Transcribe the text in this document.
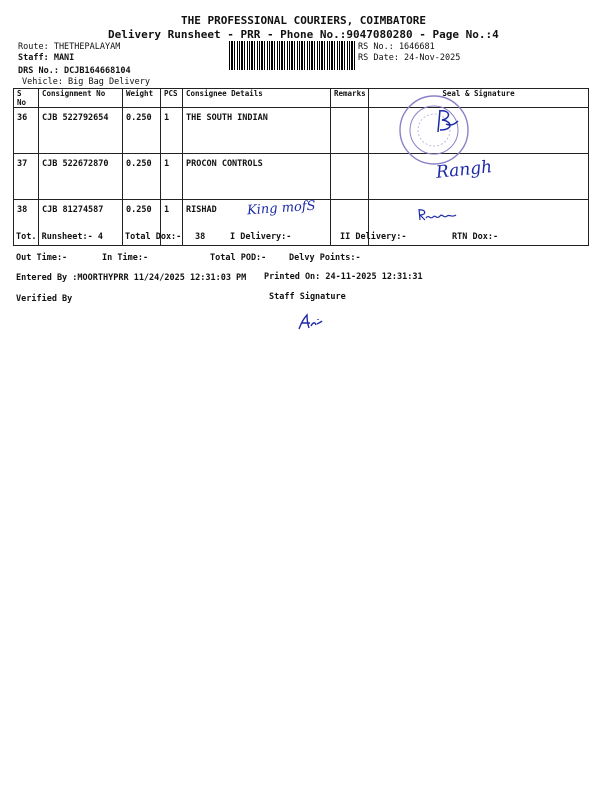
THE PROFESSIONAL COURIERS, COIMBATORE
Delivery Runsheet - PRR - Phone No.:9047080280 - Page No.:4
Route: THETHEPALAYAM
Staff: MANI
DRS No.: DCJB164668104
Vehicle: Big Bag Delivery
RS No.: 1646681
RS Date: 24-Nov-2025
S No	Consignment No	Weight	PCS	Consignee Details	Remarks	Seal & Signature
36	CJB 522792654	0.250	1	THE SOUTH INDIAN		
37	CJB 522672870	0.250	1	PROCON CONTROLS		
38	CJB 81274587	0.250	1	RISHAD		
Rangh
King mofS
Tot. Runsheet:- 4	Total Dox:- 38	I Delivery:-	II Delivery:-	RTN Dox:-
Out Time:-	In Time:-	Total POD:-	Delvy Points:-
Entered By :MOORTHYPRR 11/24/2025 12:31:03 PM Printed On: 24-11-2025 12:31:31
Verified By	Staff Signature
